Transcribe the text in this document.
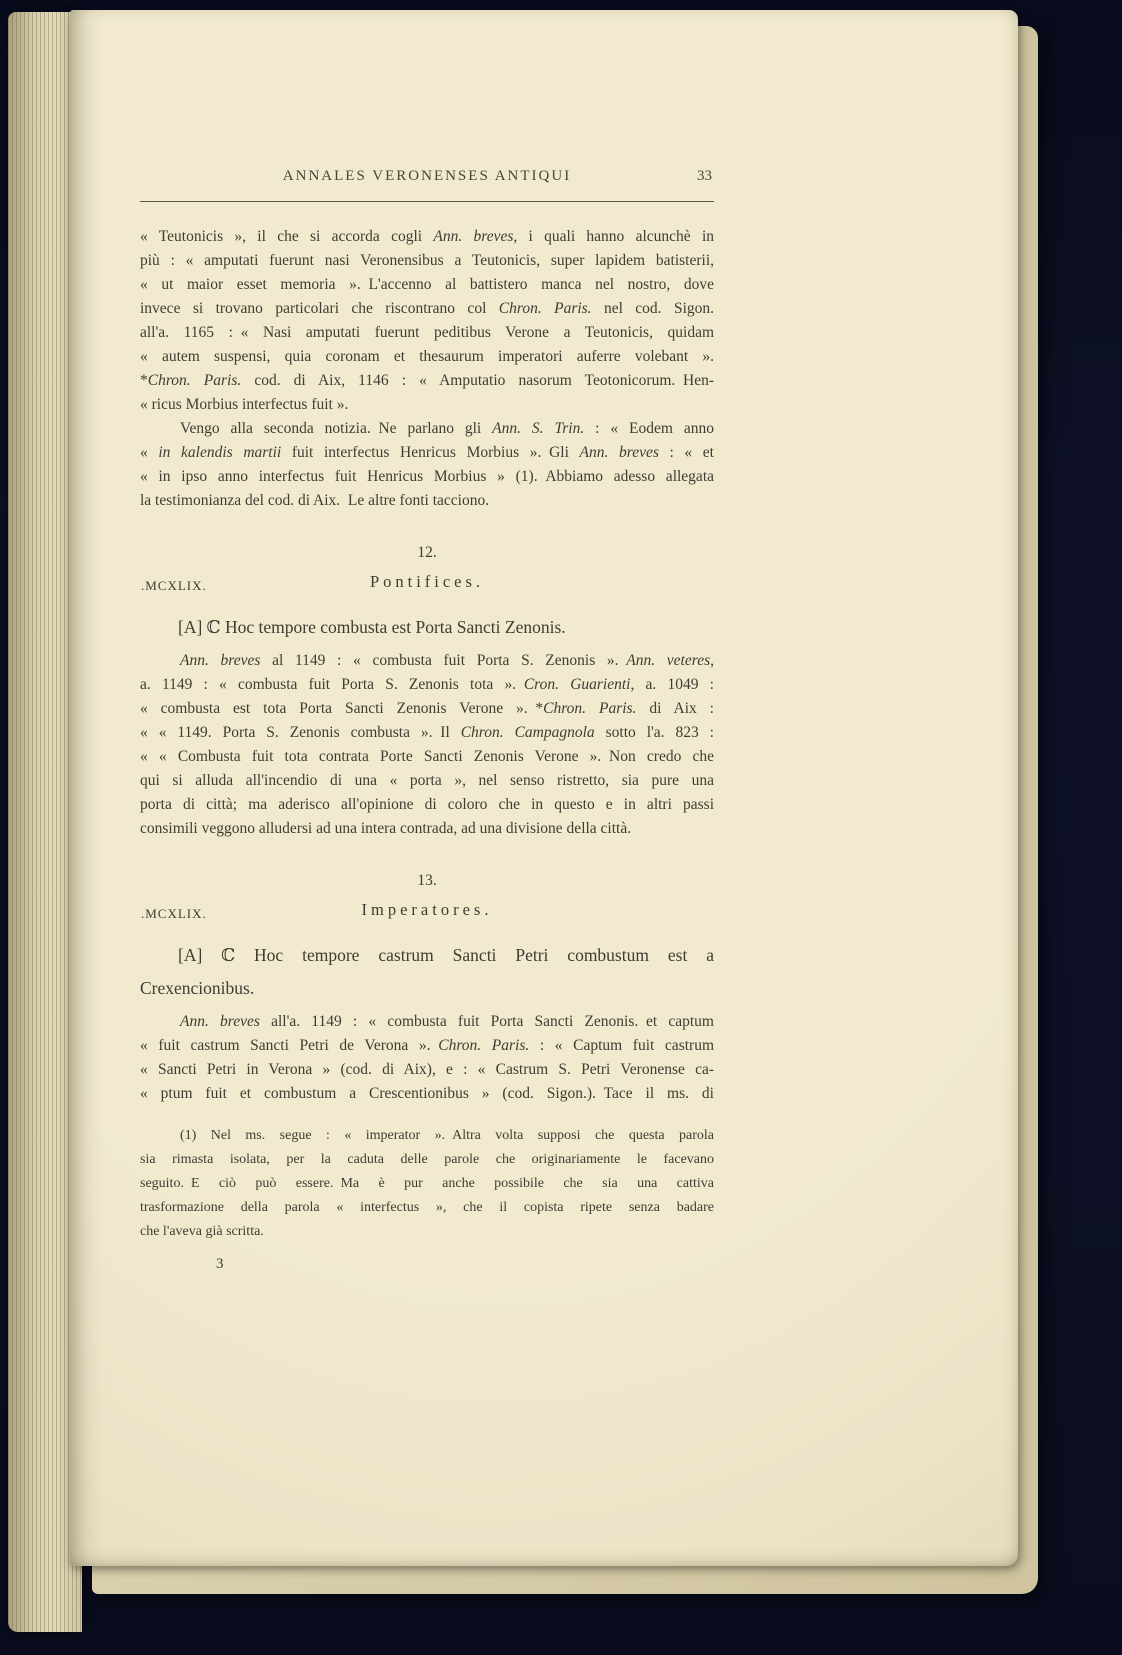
ANNALES VERONENSES ANTIQUI	33
« Teutonicis », il che si accorda cogli Ann. breves, i quali hanno alcunchè in
più : « amputati fuerunt nasi Veronensibus a Teutonicis, super lapidem batisterii,
« ut maior esset memoria ». L'accenno al battistero manca nel nostro, dove
invece si trovano particolari che riscontrano col Chron. Paris. nel cod. Sigon.
all'a. 1165 : « Nasi amputati fuerunt peditibus Verone a Teutonicis, quidam
« autem suspensi, quia coronam et thesaurum imperatori auferre volebant ».
*Chron. Paris. cod. di Aix, 1146 : « Amputatio nasorum Teotonicorum. Hen-
« ricus Morbius interfectus fuit ».
Vengo alla seconda notizia. Ne parlano gli Ann. S. Trin. : « Eodem anno
« in kalendis martii fuit interfectus Henricus Morbius ». Gli Ann. breves : « et
« in ipso anno interfectus fuit Henricus Morbius » (1). Abbiamo adesso allegata
la testimonianza del cod. di Aix. Le altre fonti tacciono.
12.
.MCXLIX.	Pontifices.
[A] ℂ Hoc tempore combusta est Porta Sancti Zenonis.
Ann. breves al 1149 : « combusta fuit Porta S. Zenonis ». Ann. veteres,
a. 1149 : « combusta fuit Porta S. Zenonis tota ». Cron. Guarienti, a. 1049 :
« combusta est tota Porta Sancti Zenonis Verone ». *Chron. Paris. di Aix :
« « 1149. Porta S. Zenonis combusta ». Il Chron. Campagnola sotto l'a. 823 :
« « Combusta fuit tota contrata Porte Sancti Zenonis Verone ». Non credo che
qui si alluda all'incendio di una « porta », nel senso ristretto, sia pure una
porta di città; ma aderisco all'opinione di coloro che in questo e in altri passi
consimili veggono alludersi ad una intera contrada, ad una divisione della città.
13.
.MCXLIX.	Imperatores.
[A] ℂ Hoc tempore castrum Sancti Petri combustum est a
Crexencionibus.
Ann. breves all'a. 1149 : « combusta fuit Porta Sancti Zenonis. et captum
« fuit castrum Sancti Petri de Verona ». Chron. Paris. : « Captum fuit castrum
« Sancti Petri in Verona » (cod. di Aix), e : « Castrum S. Petri Veronense ca-
« ptum fuit et combustum a Crescentionibus » (cod. Sigon.). Tace il ms. di
(1) Nel ms. segue : « imperator ». Altra volta supposi che questa parola
sia rimasta isolata, per la caduta delle parole che originariamente le facevano
seguito. E ciò può essere. Ma è pur anche possibile che sia una cattiva
trasformazione della parola « interfectus », che il copista ripete senza badare
che l'aveva già scritta.
3
